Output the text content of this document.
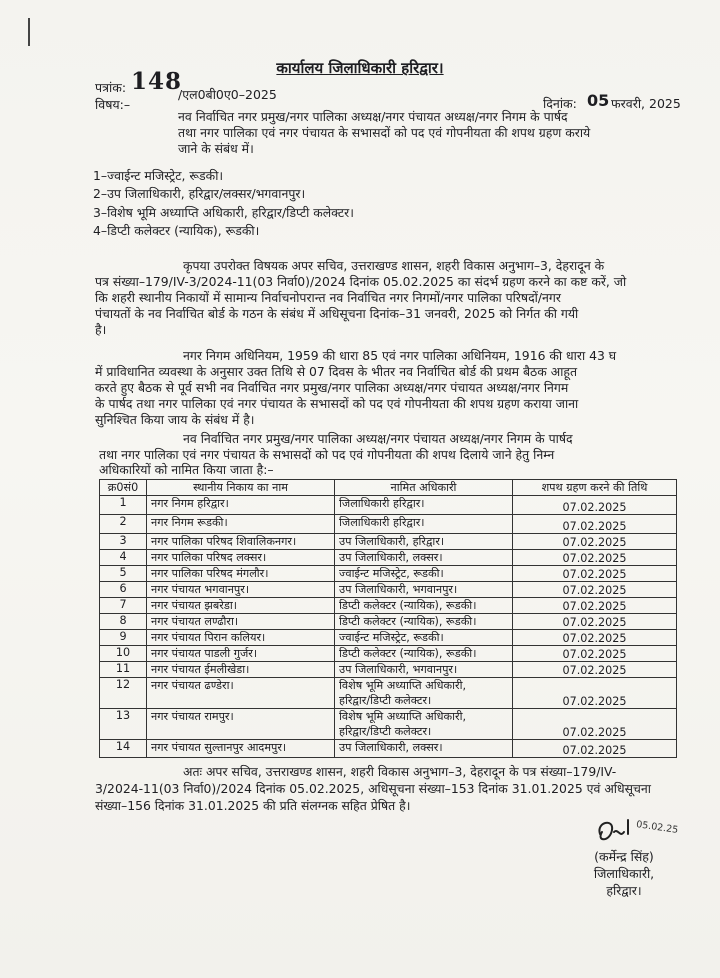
कार्यालय जिलाधिकारी हरिद्वार।
पत्रांक: 148
/एल0बी0ए0–2025
विषय:–	दिनांक: 05 फरवरी, 2025
नव निर्वाचित नगर प्रमुख/नगर पालिका अध्यक्ष/नगर पंचायत अध्यक्ष/नगर निगम के पार्षद
तथा नगर पालिका एवं नगर पंचायत के सभासदों को पद एवं गोपनीयता की शपथ ग्रहण कराये
जाने के संबंध में।
1–ज्वाईन्ट मजिस्ट्रेट, रूडकी।
2–उप जिलाधिकारी, हरिद्वार/लक्सर/भगवानपुर।
3–विशेष भूमि अध्याप्ति अधिकारी, हरिद्वार/डिप्टी कलेक्टर।
4–डिप्टी कलेक्टर (न्यायिक), रूडकी।
कृपया उपरोक्त विषयक अपर सचिव, उत्तराखण्ड शासन, शहरी विकास अनुभाग–3, देहरादून के
पत्र संख्या–179/IV-3/2024-11(03 निर्वा0)/2024 दिनांक 05.02.2025 का संदर्भ ग्रहण करने का कष्ट करें, जो
कि शहरी स्थानीय निकायों में सामान्य निर्वाचनोपरान्त नव निर्वाचित नगर निगमों/नगर पालिका परिषदों/नगर
पंचायतों के नव निर्वाचित बोर्ड के गठन के संबंध में अधिसूचना दिनांक–31 जनवरी, 2025 को निर्गत की गयी
है।
नगर निगम अधिनियम, 1959 की धारा 85 एवं नगर पालिका अधिनियम, 1916 की धारा 43 घ
में प्राविधानित व्यवस्था के अनुसार उक्त तिथि से 07 दिवस के भीतर नव निर्वाचित बोर्ड की प्रथम बैठक आहूत
करते हुए बैठक से पूर्व सभी नव निर्वाचित नगर प्रमुख/नगर पालिका अध्यक्ष/नगर पंचायत अध्यक्ष/नगर निगम
के पार्षद तथा नगर पालिका एवं नगर पंचायत के सभासदों को पद एवं गोपनीयता की शपथ ग्रहण कराया जाना
सुनिश्चित किया जाय के संबंध में है।
नव निर्वाचित नगर प्रमुख/नगर पालिका अध्यक्ष/नगर पंचायत अध्यक्ष/नगर निगम के पार्षद
तथा नगर पालिका एवं नगर पंचायत के सभासदों को पद एवं गोपनीयता की शपथ दिलाये जाने हेतु निम्न
अधिकारियों को नामित किया जाता है:–
क्र0सं0	स्थानीय निकाय का नाम	नामित अधिकारी	शपथ ग्रहण करने की तिथि
1	नगर निगम हरिद्वार।	जिलाधिकारी हरिद्वार।	07.02.2025
2	नगर निगम रूडकी।	जिलाधिकारी हरिद्वार।	07.02.2025
3	नगर पालिका परिषद शिवालिकनगर।	उप जिलाधिकारी, हरिद्वार।	07.02.2025
4	नगर पालिका परिषद लक्सर।	उप जिलाधिकारी, लक्सर।	07.02.2025
5	नगर पालिका परिषद मंगलौर।	ज्वाईन्ट मजिस्ट्रेट, रूडकी।	07.02.2025
6	नगर पंचायत भगवानपुर।	उप जिलाधिकारी, भगवानपुर।	07.02.2025
7	नगर पंचायत झबरेडा।	डिप्टी कलेक्टर (न्यायिक), रूडकी।	07.02.2025
8	नगर पंचायत लण्ढौरा।	डिप्टी कलेक्टर (न्यायिक), रूडकी।	07.02.2025
9	नगर पंचायत पिरान कलियर।	ज्वाईन्ट मजिस्ट्रेट, रूडकी।	07.02.2025
10	नगर पंचायत पाडली गुर्जर।	डिप्टी कलेक्टर (न्यायिक), रूडकी।	07.02.2025
11	नगर पंचायत ईमलीखेडा।	उप जिलाधिकारी, भगवानपुर।	07.02.2025
12	नगर पंचायत ढण्डेरा।	विशेष भूमि अध्याप्ति अधिकारी,
हरिद्वार/डिप्टी कलेक्टर।	07.02.2025
13	नगर पंचायत रामपुर।	विशेष भूमि अध्याप्ति अधिकारी,
हरिद्वार/डिप्टी कलेक्टर।	07.02.2025
14	नगर पंचायत सुल्तानपुर आदमपुर।	उप जिलाधिकारी, लक्सर।	07.02.2025
अतः अपर सचिव, उत्तराखण्ड शासन, शहरी विकास अनुभाग–3, देहरादून के पत्र संख्या–179/IV-
3/2024-11(03 निर्वा0)/2024 दिनांक 05.02.2025, अधिसूचना संख्या–153 दिनांक 31.01.2025 एवं अधिसूचना
संख्या–156 दिनांक 31.01.2025 की प्रति संलग्नक सहित प्रेषित है।
05.02.25
(कर्मेन्द्र सिंह)
जिलाधिकारी,
हरिद्वार।
